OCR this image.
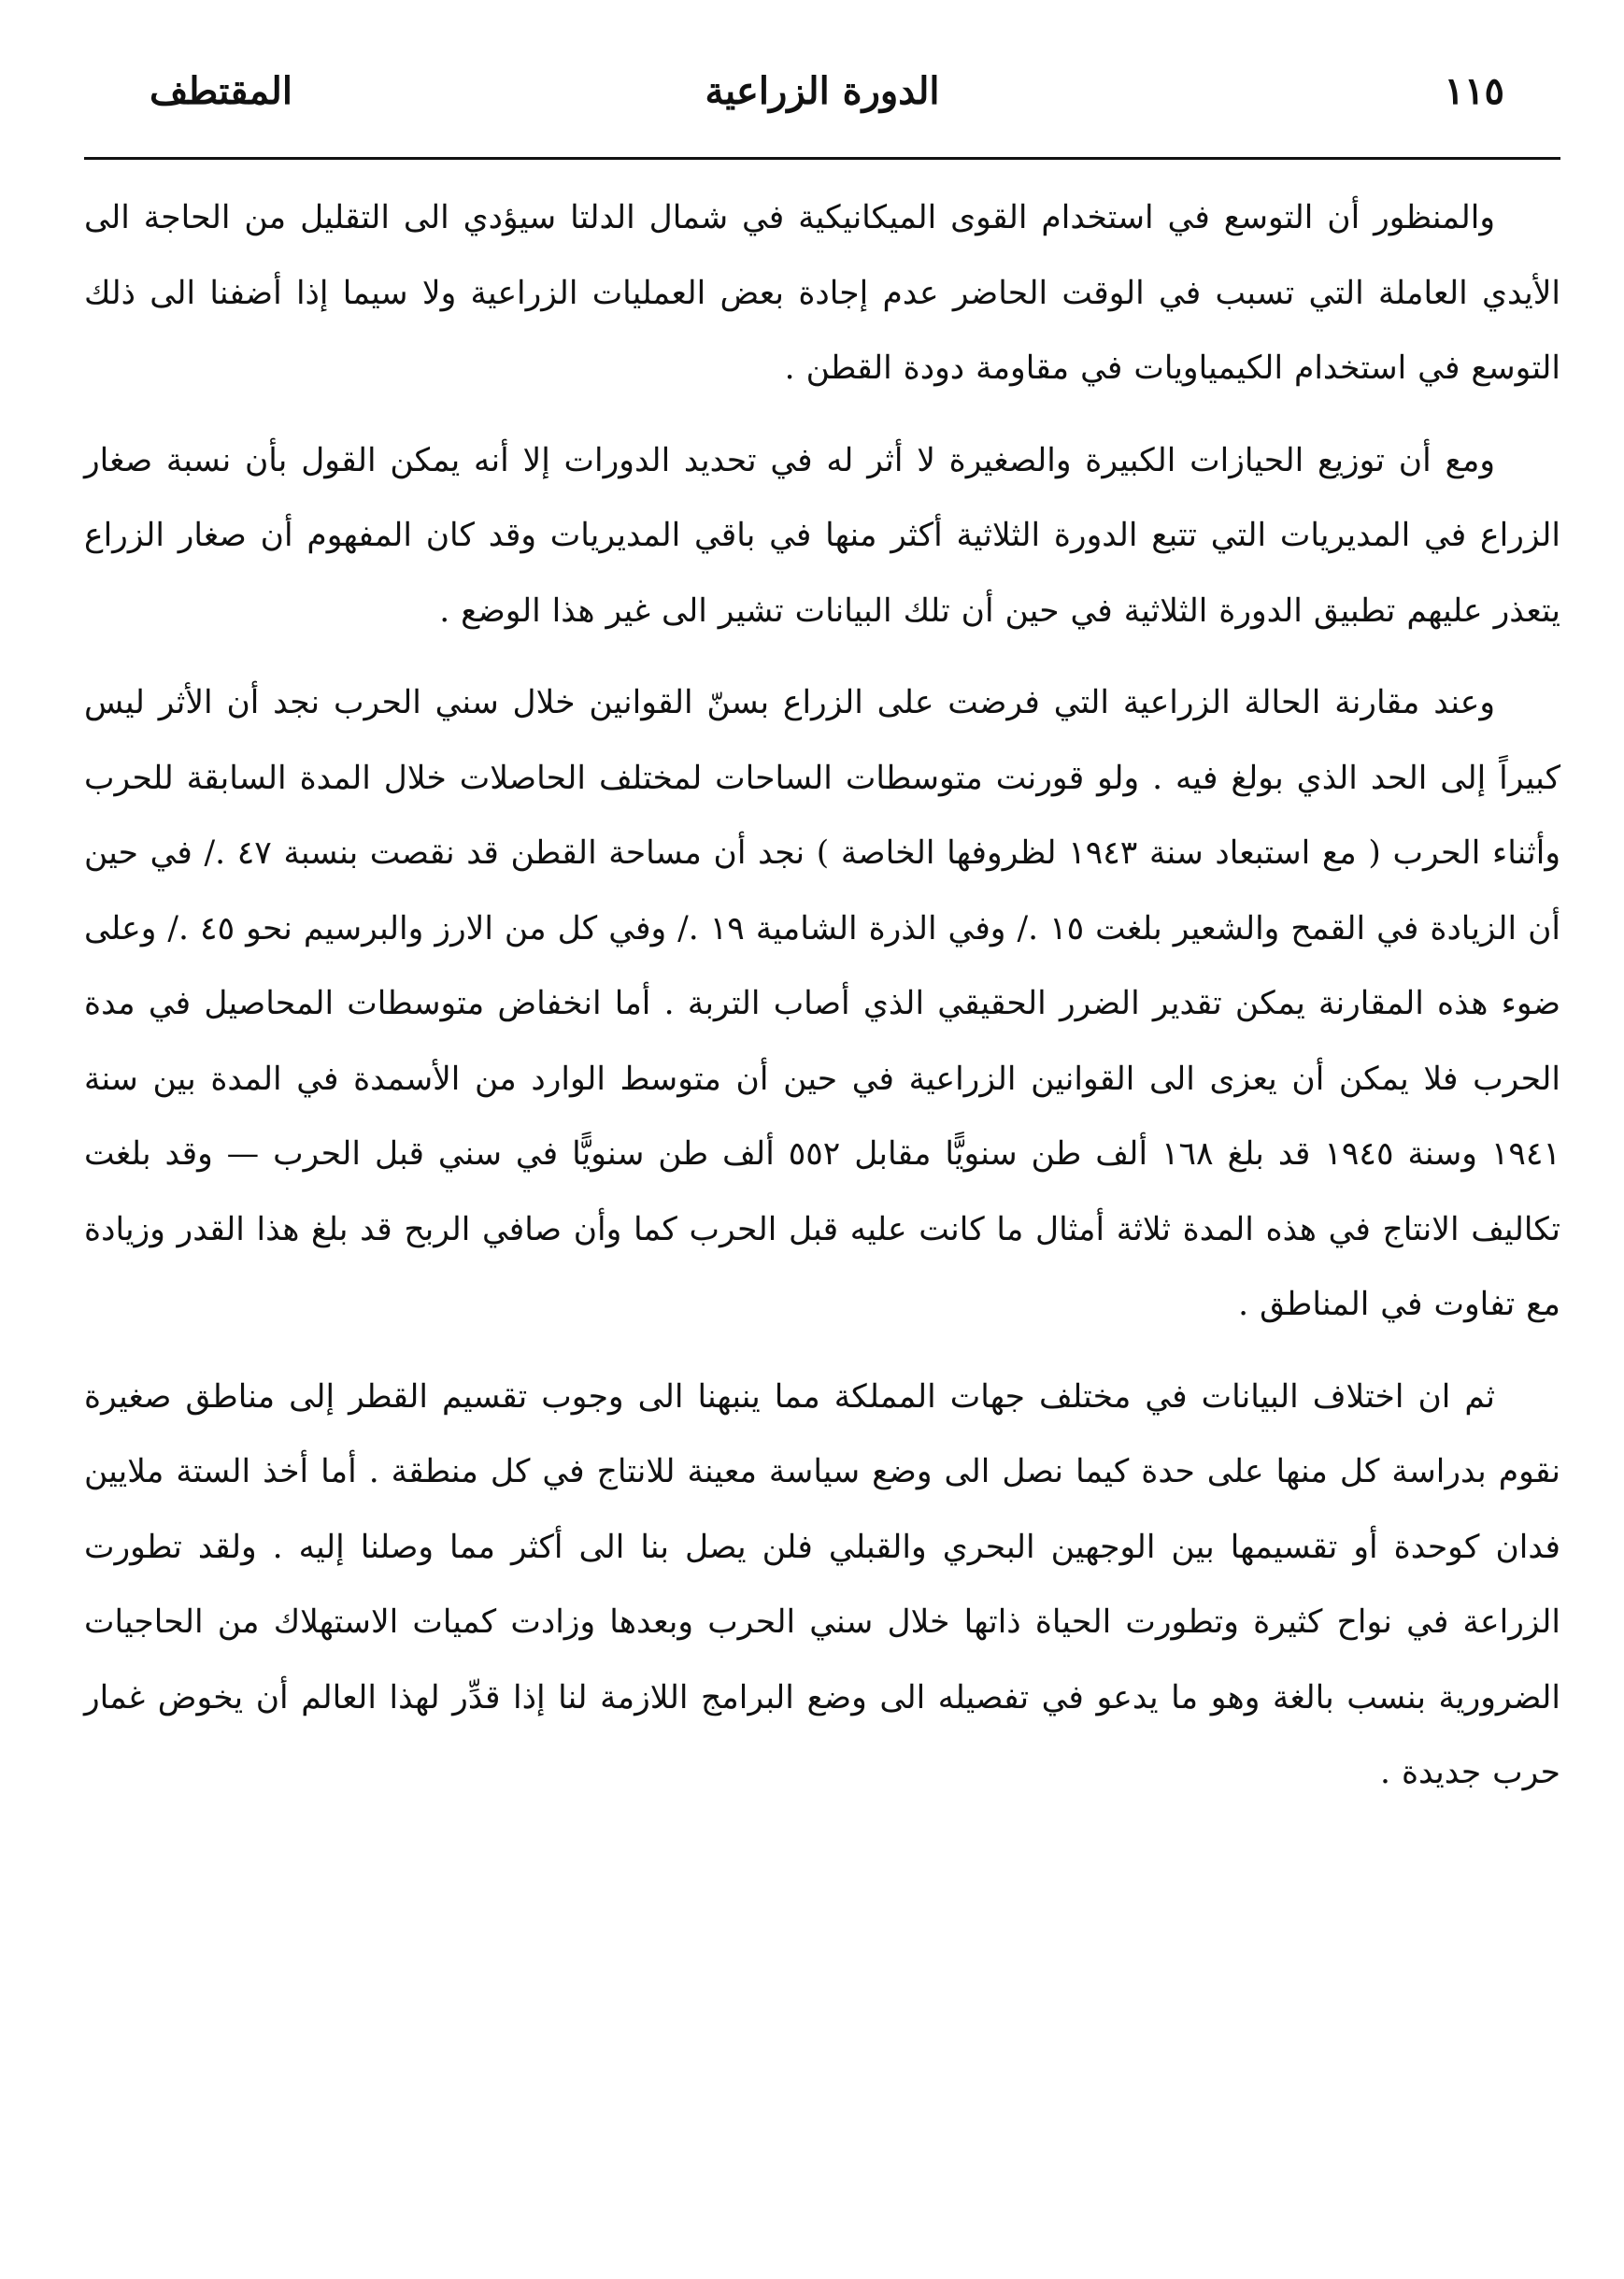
١١٥
الدورة الزراعية
المقتطف

والمنظور أن التوسع في استخدام القوى الميكانيكية في شمال الدلتا سيؤدي الى التقليل من الحاجة الى الأيدي العاملة التي تسبب في الوقت الحاضر عدم إجادة بعض العمليات الزراعية ولا سيما إذا أضفنا الى ذلك التوسع في استخدام الكيمياويات في مقاومة دودة القطن .

ومع أن توزيع الحيازات الكبيرة والصغيرة لا أثر له في تحديد الدورات إلا أنه يمكن القول بأن نسبة صغار الزراع في المديريات التي تتبع الدورة الثلاثية أكثر منها في باقي المديريات وقد كان المفهوم أن صغار الزراع يتعذر عليهم تطبيق الدورة الثلاثية في حين أن تلك البيانات تشير الى غير هذا الوضع .

وعند مقارنة الحالة الزراعية التي فرضت على الزراع بسنّ القوانين خلال سني الحرب نجد أن الأثر ليس كبيراً إلى الحد الذي بولغ فيه . ولو قورنت متوسطات الساحات لمختلف الحاصلات خلال المدة السابقة للحرب وأثناء الحرب ( مع استبعاد سنة ١٩٤٣ لظروفها الخاصة ) نجد أن مساحة القطن قد نقصت بنسبة ٤٧ ./ في حين أن الزيادة في القمح والشعير بلغت ١٥ ./ وفي الذرة الشامية ١٩ ./ وفي كل من الارز والبرسيم نحو ٤٥ ./ وعلى ضوء هذه المقارنة يمكن تقدير الضرر الحقيقي الذي أصاب التربة . أما انخفاض متوسطات المحاصيل في مدة الحرب فلا يمكن أن يعزى الى القوانين الزراعية في حين أن متوسط الوارد من الأسمدة في المدة بين سنة ١٩٤١ وسنة ١٩٤٥ قد بلغ ١٦٨ ألف طن سنويًّا مقابل ٥٥٢ ألف طن سنويًّا في سني قبل الحرب — وقد بلغت تكاليف الانتاج في هذه المدة ثلاثة أمثال ما كانت عليه قبل الحرب كما وأن صافي الربح قد بلغ هذا القدر وزيادة مع تفاوت في المناطق .

ثم ان اختلاف البيانات في مختلف جهات المملكة مما ينبهنا الى وجوب تقسيم القطر إلى مناطق صغيرة نقوم بدراسة كل منها على حدة كيما نصل الى وضع سياسة معينة للانتاج في كل منطقة . أما أخذ الستة ملايين فدان كوحدة أو تقسيمها بين الوجهين البحري والقبلي فلن يصل بنا الى أكثر مما وصلنا إليه . ولقد تطورت الزراعة في نواح كثيرة وتطورت الحياة ذاتها خلال سني الحرب وبعدها وزادت كميات الاستهلاك من الحاجيات الضرورية بنسب بالغة وهو ما يدعو في تفصيله الى وضع البرامج اللازمة لنا إذا قدِّر لهذا العالم أن يخوض غمار حرب جديدة .
